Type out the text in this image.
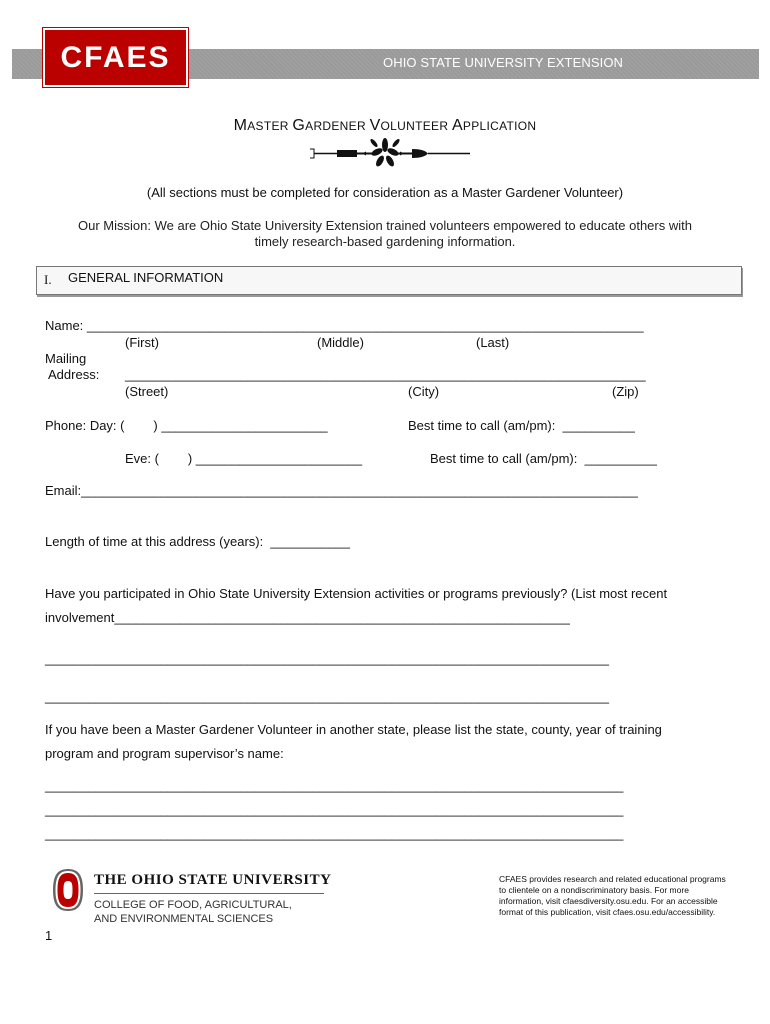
OHIO STATE UNIVERSITY EXTENSION
CFAES
MASTER GARDENER VOLUNTEER APPLICATION
(All sections must be completed for consideration as a Master Gardener Volunteer)
Our Mission: We are Ohio State University Extension trained volunteers empowered to educate others with
timely research-based gardening information.
I. GENERAL INFORMATION
Name: _____________________________________________________________________________
(First)	(Middle)	(Last)
Mailing
Address: ________________________________________________________________________
(Street)	(City)	(Zip)
Phone: Day: (        ) _______________________	Best time to call (am/pm):  __________
Eve: (        ) _______________________	Best time to call (am/pm):  __________
Email:_____________________________________________________________________________
Length of time at this address (years):  ___________
Have you participated in Ohio State University Extension activities or programs previously? (List most recent
involvement_______________________________________________________________
______________________________________________________________________________
______________________________________________________________________________
If you have been a Master Gardener Volunteer in another state, please list the state, county, year of training
program and program supervisor’s name:
________________________________________________________________________________
________________________________________________________________________________
________________________________________________________________________________
THE OHIO STATE UNIVERSITY
COLLEGE OF FOOD, AGRICULTURAL,
AND ENVIRONMENTAL SCIENCES
CFAES provides research and related educational programs
to clientele on a nondiscriminatory basis. For more
information, visit cfaesdiversity.osu.edu. For an accessible
format of this publication, visit cfaes.osu.edu/accessibility.
1
